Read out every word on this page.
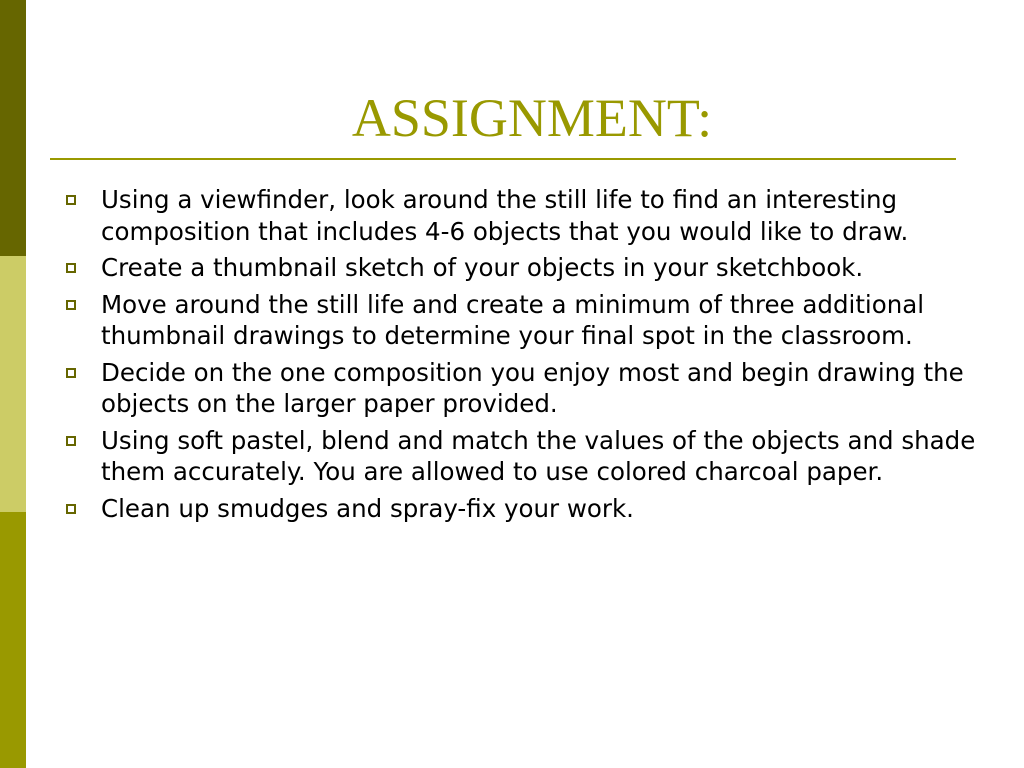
ASSIGNMENT:
Using a viewfinder, look around the still life to find an interesting composition that includes 4-6 objects that you would like to draw.
Create a thumbnail sketch of your objects in your sketchbook.
Move around the still life and create a minimum of three additional thumbnail drawings to determine your final spot in the classroom.
Decide on the one composition you enjoy most and begin drawing the objects on the larger paper provided.
Using soft pastel, blend and match the values of the objects and shade them accurately. You are allowed to use colored charcoal paper.
Clean up smudges and spray-fix your work.
